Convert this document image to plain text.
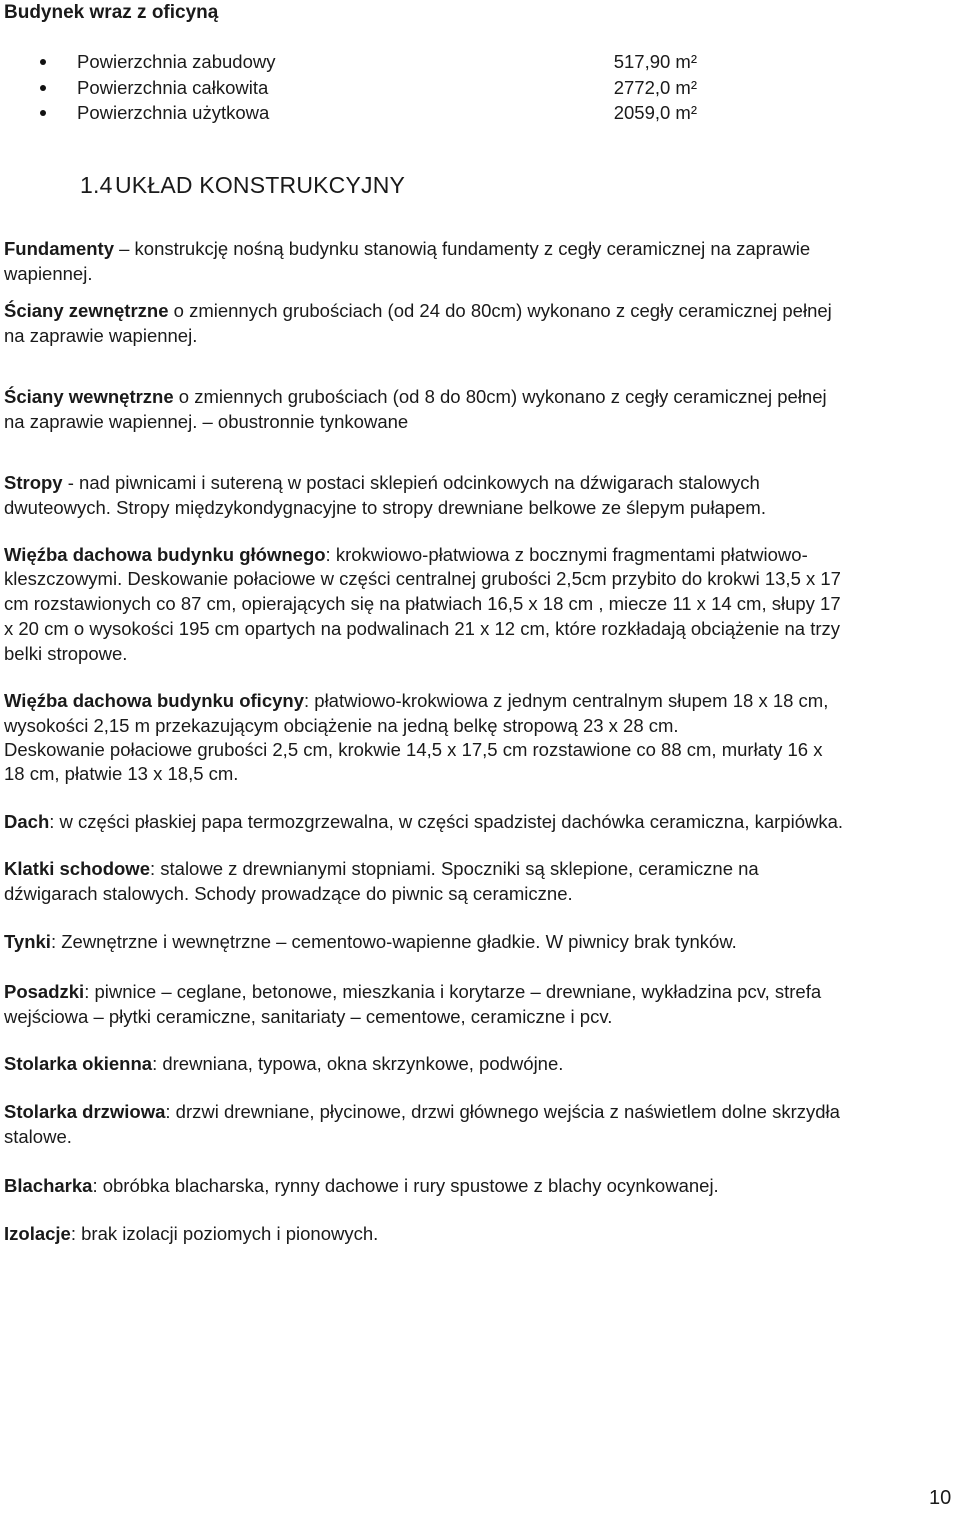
Budynek wraz z oficyną
Powierzchnia zabudowy	517,90 m²
Powierzchnia całkowita	2772,0 m²
Powierzchnia użytkowa	2059,0 m²
1.4 UKŁAD KONSTRUKCYJNY
Fundamenty – konstrukcję nośną budynku stanowią fundamenty z cegły ceramicznej na zaprawie
wapiennej.
Ściany zewnętrzne o zmiennych grubościach (od 24 do 80cm) wykonano z cegły ceramicznej pełnej
na zaprawie wapiennej.
Ściany wewnętrzne o zmiennych grubościach (od 8 do 80cm) wykonano z cegły ceramicznej pełnej
na zaprawie wapiennej. – obustronnie tynkowane
Stropy - nad piwnicami i sutereną w postaci sklepień odcinkowych na dźwigarach stalowych
dwuteowych. Stropy międzykondygnacyjne to stropy drewniane belkowe ze ślepym pułapem.
Więźba dachowa budynku głównego: krokwiowo-płatwiowa z bocznymi fragmentami płatwiowo-
kleszczowymi. Deskowanie połaciowe w części centralnej grubości 2,5cm przybito do krokwi 13,5 x 17
cm rozstawionych co 87 cm, opierających się na płatwiach 16,5 x 18 cm , miecze 11 x 14 cm, słupy 17
x 20 cm o wysokości 195 cm opartych na podwalinach 21 x 12 cm, które rozkładają obciążenie na trzy
belki stropowe.
Więźba dachowa budynku oficyny: płatwiowo-krokwiowa z jednym centralnym słupem 18 x 18 cm,
wysokości 2,15 m przekazującym obciążenie na jedną belkę stropową 23 x 28 cm.
Deskowanie połaciowe grubości 2,5 cm, krokwie 14,5 x 17,5 cm rozstawione co 88 cm, murłaty 16 x
18 cm, płatwie 13 x 18,5 cm.
Dach: w części płaskiej papa termozgrzewalna, w części spadzistej dachówka ceramiczna, karpiówka.
Klatki schodowe: stalowe z drewnianymi stopniami. Spoczniki są sklepione, ceramiczne na
dźwigarach stalowych. Schody prowadzące do piwnic są ceramiczne.
Tynki: Zewnętrzne i wewnętrzne – cementowo-wapienne gładkie. W piwnicy brak tynków.
Posadzki: piwnice – ceglane, betonowe, mieszkania i korytarze – drewniane, wykładzina pcv, strefa
wejściowa – płytki ceramiczne, sanitariaty – cementowe, ceramiczne i pcv.
Stolarka okienna: drewniana, typowa, okna skrzynkowe, podwójne.
Stolarka drzwiowa: drzwi drewniane, płycinowe, drzwi głównego wejścia z naświetlem dolne skrzydła
stalowe.
Blacharka: obróbka blacharska, rynny dachowe i rury spustowe z blachy ocynkowanej.
Izolacje: brak izolacji poziomych i pionowych.
10
